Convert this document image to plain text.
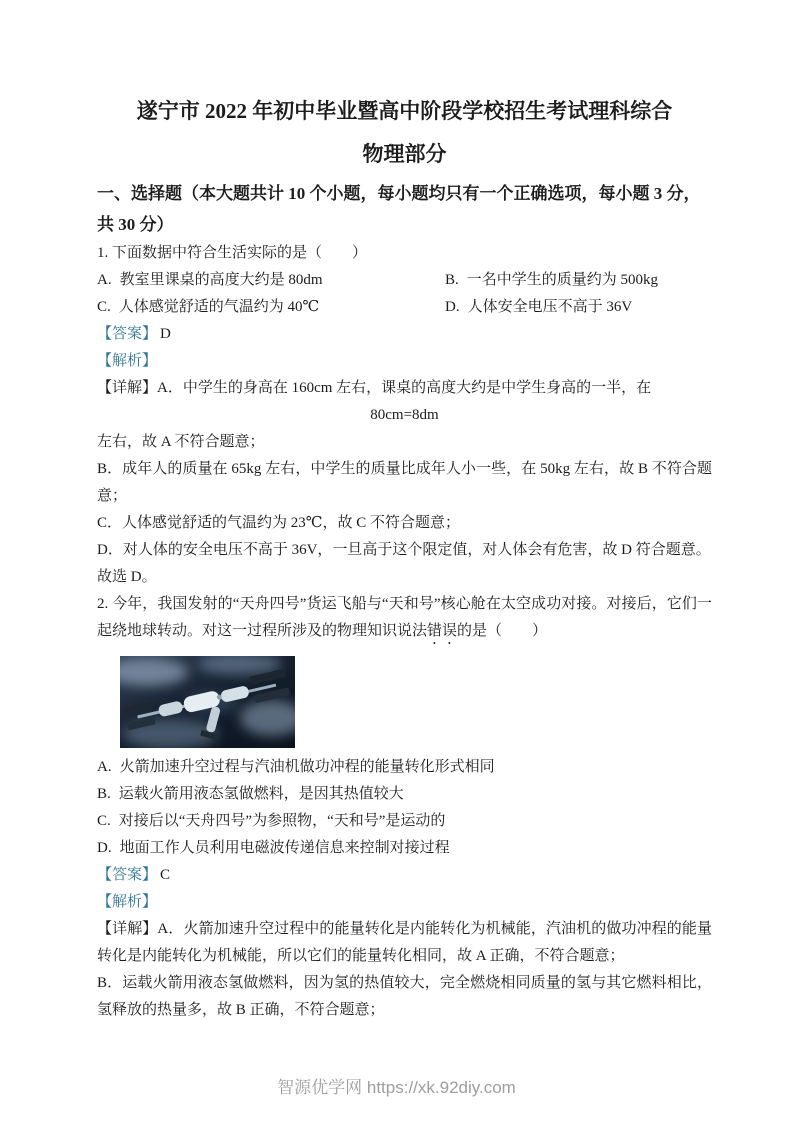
遂宁市 2022 年初中毕业暨高中阶段学校招生考试理科综合
物理部分
一、选择题（本大题共计 10 个小题，每小题均只有一个正确选项，每小题 3 分，
共 30 分）

1. 下面数据中符合生活实际的是（　　）

A. 教室里课桌的高度大约是 80dm	B. 一名中学生的质量约为 500kg

C. 人体感觉舒适的气温约为 40℃	D. 人体安全电压不高于 36V

【答案】 D

【解析】

【详解】A．中学生的身高在 160cm 左右，课桌的高度大约是中学生身高的一半，在

80cm=8dm

左右，故 A 不符合题意；

B．成年人的质量在 65kg 左右，中学生的质量比成年人小一些，在 50kg 左右，故 B 不符合题意；

C．人体感觉舒适的气温约为 23℃，故 C 不符合题意；

D．对人体的安全电压不高于 36V，一旦高于这个限定值，对人体会有危害，故 D 符合题意。

故选 D。

2. 今年，我国发射的“天舟四号”货运飞船与“天和号”核心舱在太空成功对接。对接后，它们一起绕地球转动。对这一过程所涉及的物理知识说法错误的是（　　）

A. 火箭加速升空过程与汽油机做功冲程的能量转化形式相同

B. 运载火箭用液态氢做燃料，是因其热值较大

C. 对接后以“天舟四号”为参照物，“天和号”是运动的

D. 地面工作人员利用电磁波传递信息来控制对接过程

【答案】 C

【解析】

【详解】A．火箭加速升空过程中的能量转化是内能转化为机械能，汽油机的做功冲程的能量转化是内能转化为机械能，所以它们的能量转化相同，故 A 正确，不符合题意；

B．运载火箭用液态氢做燃料，因为氢的热值较大，完全燃烧相同质量的氢与其它燃料相比，氢释放的热量多，故 B 正确，不符合题意；

智源优学网 https://xk.92diy.com
